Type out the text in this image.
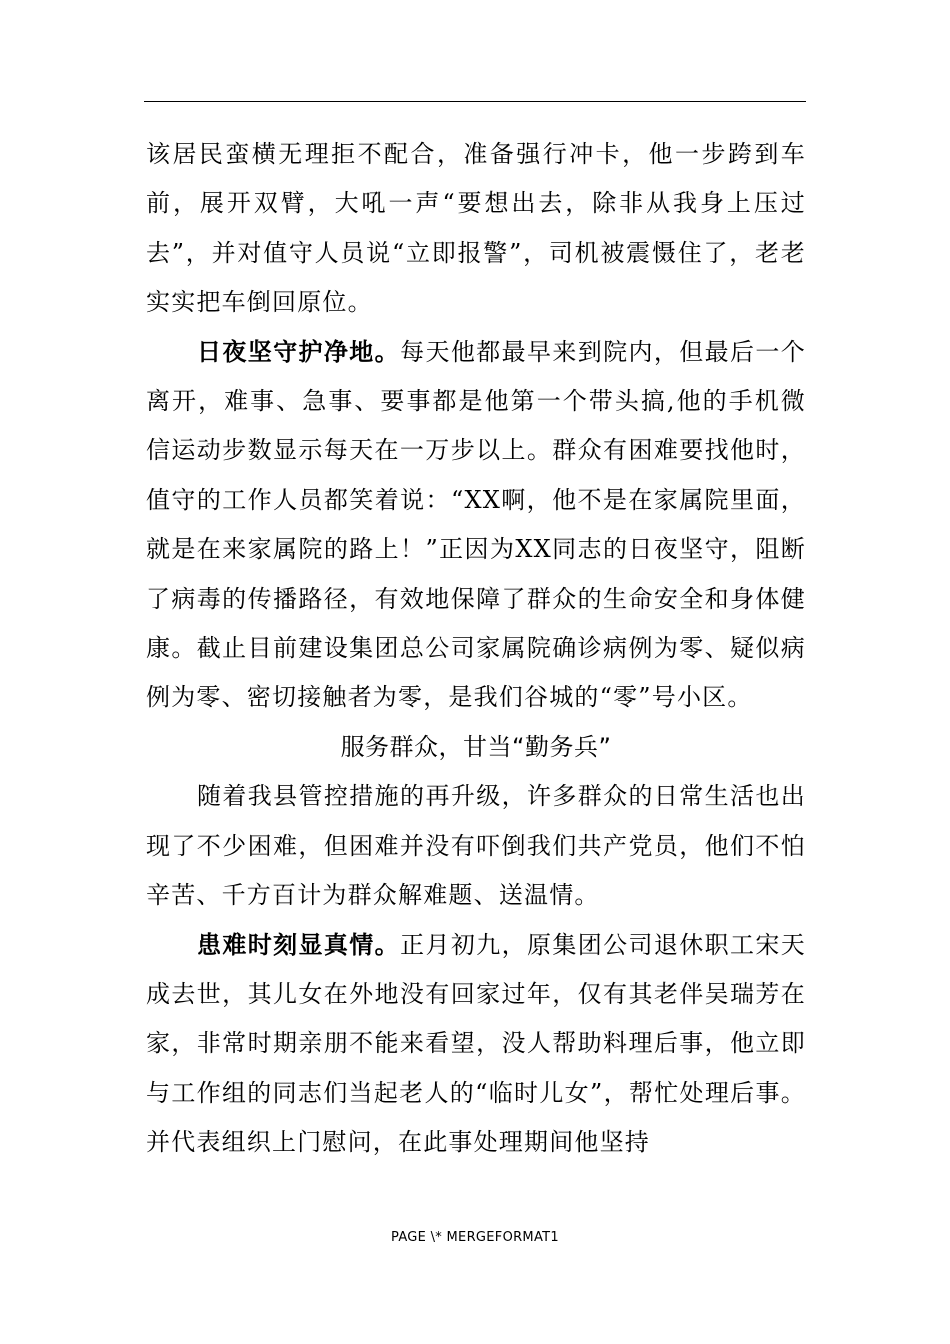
该居民蛮横无理拒不配合，准备强行冲卡，他一步跨到车前，展开双臂，大吼一声“要想出去，除非从我身上压过去”，并对值守人员说“立即报警”，司机被震慑住了，老老实实把车倒回原位。

日夜坚守护净地。每天他都最早来到院内，但最后一个离开，难事、急事、要事都是他第一个带头搞,他的手机微信运动步数显示每天在一万步以上。群众有困难要找他时，值守的工作人员都笑着说：“XX啊，他不是在家属院里面，就是在来家属院的路上！”正因为XX同志的日夜坚守，阻断了病毒的传播路径，有效地保障了群众的生命安全和身体健康。截止目前建设集团总公司家属院确诊病例为零、疑似病例为零、密切接触者为零，是我们谷城的“零”号小区。

服务群众，甘当“勤务兵”

随着我县管控措施的再升级，许多群众的日常生活也出现了不少困难，但困难并没有吓倒我们共产党员，他们不怕辛苦、千方百计为群众解难题、送温情。

患难时刻显真情。正月初九，原集团公司退休职工宋天成去世，其儿女在外地没有回家过年，仅有其老伴吴瑞芳在家，非常时期亲朋不能来看望，没人帮助料理后事，他立即与工作组的同志们当起老人的“临时儿女”，帮忙处理后事。并代表组织上门慰问，在此事处理期间他坚持

PAGE \* MERGEFORMAT1
